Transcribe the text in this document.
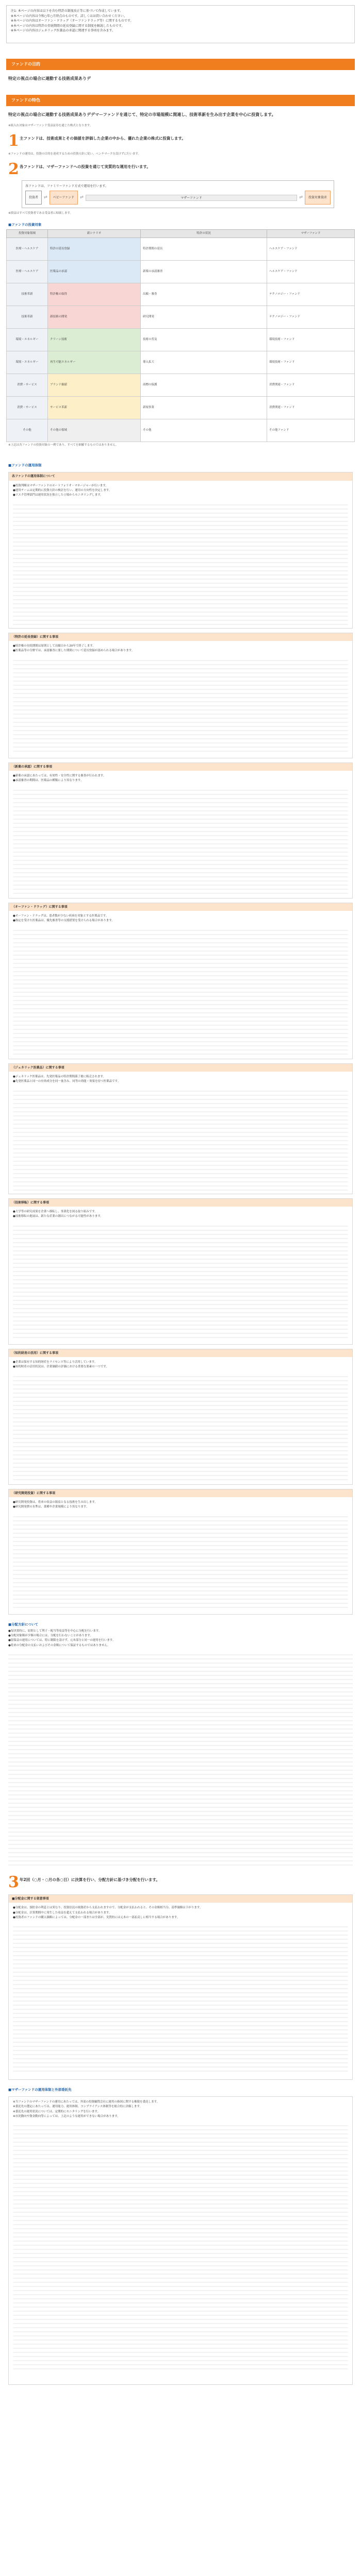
注1: 本ページの内容は以下を含む特許の制度改正等に基づいて作成しています。
※本ページの内容は令和○年○月時点のものです。詳しくはお問い合わせください。
※本ページの内容はオーファン・ドラッグ（オーファンドラッグ等）に関するものです。
※本ページの内容は特許の存続期間の延長登録に関する制度を解説したものです。
※本ページの内容はジェネリック医薬品の承認に関連する事項を含みます。
ファンドの目的
特定の視点の場合に連動する技術成果ありデ
ファンドの特色
特定の視点の場合に連動する技術成果ありデデマーファンドを通じて、特定の市場規模に関連し、技術革新を生み出す企業を中心に投資します。
※組入れ対象はマザーファンド受益証券を通じた株式となります。
1 主ファンドは、技術成果とその価値を評価した企業の中から、優れた企業の株式に投資します。
※ファンドの運用は、投資の目的を達成するための投資方針に従い、ベンチマークを設けずに行います。
2 各ファンドは、マザーファンドへの投資を通じて実質的な運用を行います。
各ファンドは、ファミリーファンド方式で運用を行います。
投資者	⇄	ベビーファンド	⇄	マザーファンド	⇄	投資対象資産
※損益はすべて投資者である受益者に帰属します。
■ファンドの投資対象
投資対象領域	新シナリオ	特許の状況	マザーファンド
医療・ヘルスケア	特許の延長登録	特許期間の延長	ヘルスケア・ファンド
医療・ヘルスケア	医薬品の承認	新薬の承認審査	ヘルスケア・ファンド
技術革新	特許権の取得	出願・審査	テクノロジー・ファンド
技術革新	新技術の開発	研究開発	テクノロジー・ファンド
環境・エネルギー	クリーン技術	技術の普及	環境技術・ファンド
環境・エネルギー	再生可能エネルギー	導入拡大	環境技術・ファンド
消費・サービス	ブランド価値	商標の保護	消費関連・ファンド
消費・サービス	サービス革新	新規事業	消費関連・ファンド
その他	その他の領域	その他	その他ファンド
※上記は各ファンドの投資対象の一例であり、すべてを網羅するものではありません。
■ファンドの運用体制
各ファンドの運用体制について
●投資判断はマザーファンドのポートフォリオ・マネージャーが行います。
●運用チームは定期的に投資方針の検討を行い、運用の方向性を決定します。
●リスク管理部門は運用状況を独立した立場からモニタリングします。
（特許の延長登録）に関する事項
●特許権の存続期間は原則として出願日から20年で終了します。
●医薬品等の分野では、承認審査に要した期間について延長登録が認められる場合があります。
（新薬の承認）に関する事項
●新薬の承認にあたっては、有効性・安全性に関する審査が行われます。
●承認審査の期間は、医薬品の種類により異なります。
（オーファン・ドラッグ）に関する事項
●オーファン・ドラッグは、患者数が少ない疾病を対象とする医薬品です。
●指定を受けた医薬品は、優先審査等の支援措置を受けられる場合があります。
（ジェネリック医薬品）に関する事項
●ジェネリック医薬品は、先発医薬品の特許期間満了後に販売されます。
●先発医薬品と同一の有効成分を同一量含み、同等の効能・効果を持つ医薬品です。
（技術移転）に関する事項
●大学等の研究成果を企業へ移転し、事業化を図る取り組みです。
●技術移転の進展は、新たな産業の創出につながる可能性があります。
（知的財産の活用）に関する事項
●企業は保有する知的財産をライセンス等により活用しています。
●知的財産の活用状況は、企業価値の評価における重要な要素の一つです。
（研究開発投資）に関する事項
●研究開発投資は、将来の収益の源泉となる技術を生み出します。
●研究開発費の水準は、業種や企業規模により異なります。
■分配方針について
●毎決算時に、原則として利子・配当等収益等を中心に分配を行います。
●分配対象額が少額の場合には、分配を行わないことがあります。
●留保益の運用については、特に制限を設けず、元本部分と同一の運用を行います。
●将来の分配金の支払いおよびその金額について保証するものではありません。
3 年2回（○月・○月の各○日）に決算を行い、分配方針に基づき分配を行います。
■分配金に関する留意事項
●分配金は、預貯金の利息とは異なり、投資信託の純資産から支払われますので、分配金が支払われると、その金額相当分、基準価額は下がります。
●分配金は、計算期間中に発生した収益を超えて支払われる場合があります。
●投資者のファンドの購入価額によっては、分配金の一部または全部が、実質的には元本の一部払戻しに相当する場合があります。
■マザーファンドの運用体制と外部委託先
※当ファンドのマザーファンドの運用にあたっては、外部の投資顧問会社に運用の指図に関する権限を委託します。
※委託先の選定にあたっては、運用能力、運用体制、コンプライアンス体制等を総合的に評価します。
※委託先の運用状況については、定期的にモニタリングを行います。
※市況動向や資金動向等によっては、上記のような運用ができない場合があります。
